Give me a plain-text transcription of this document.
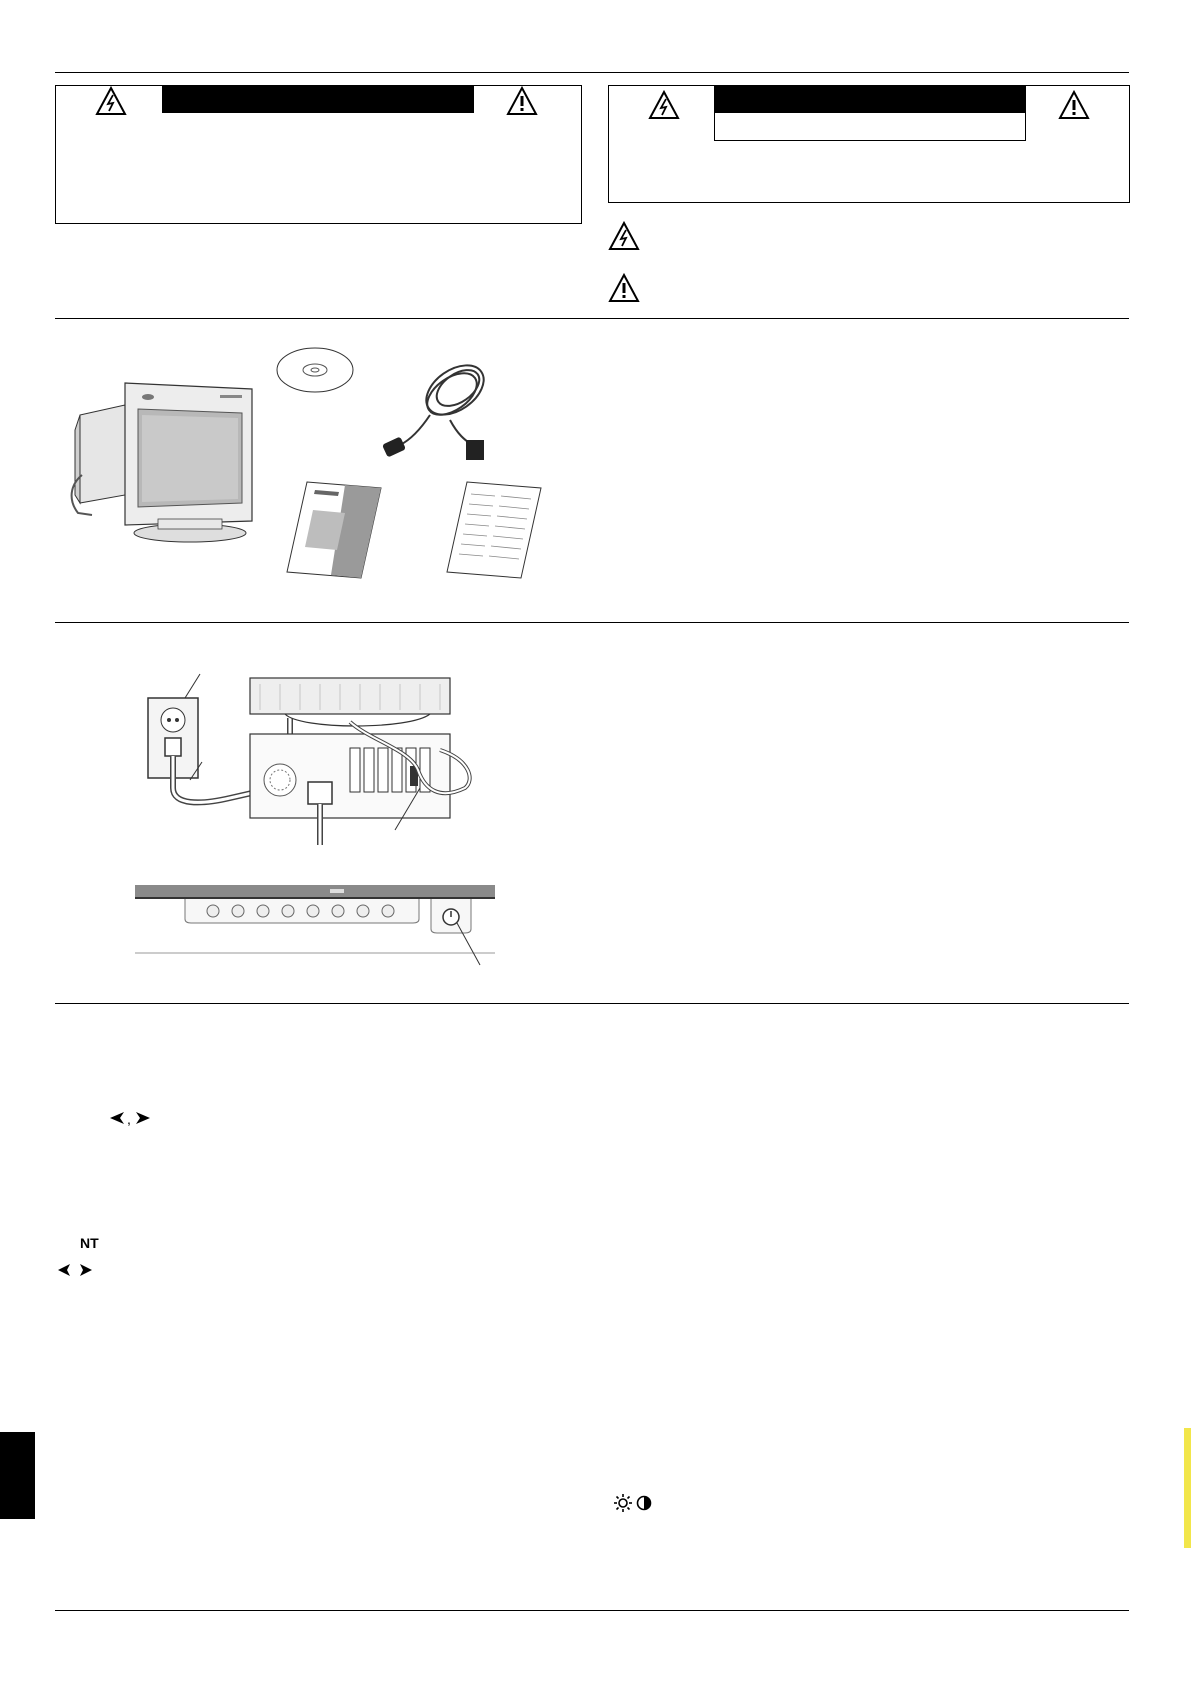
,
NT
